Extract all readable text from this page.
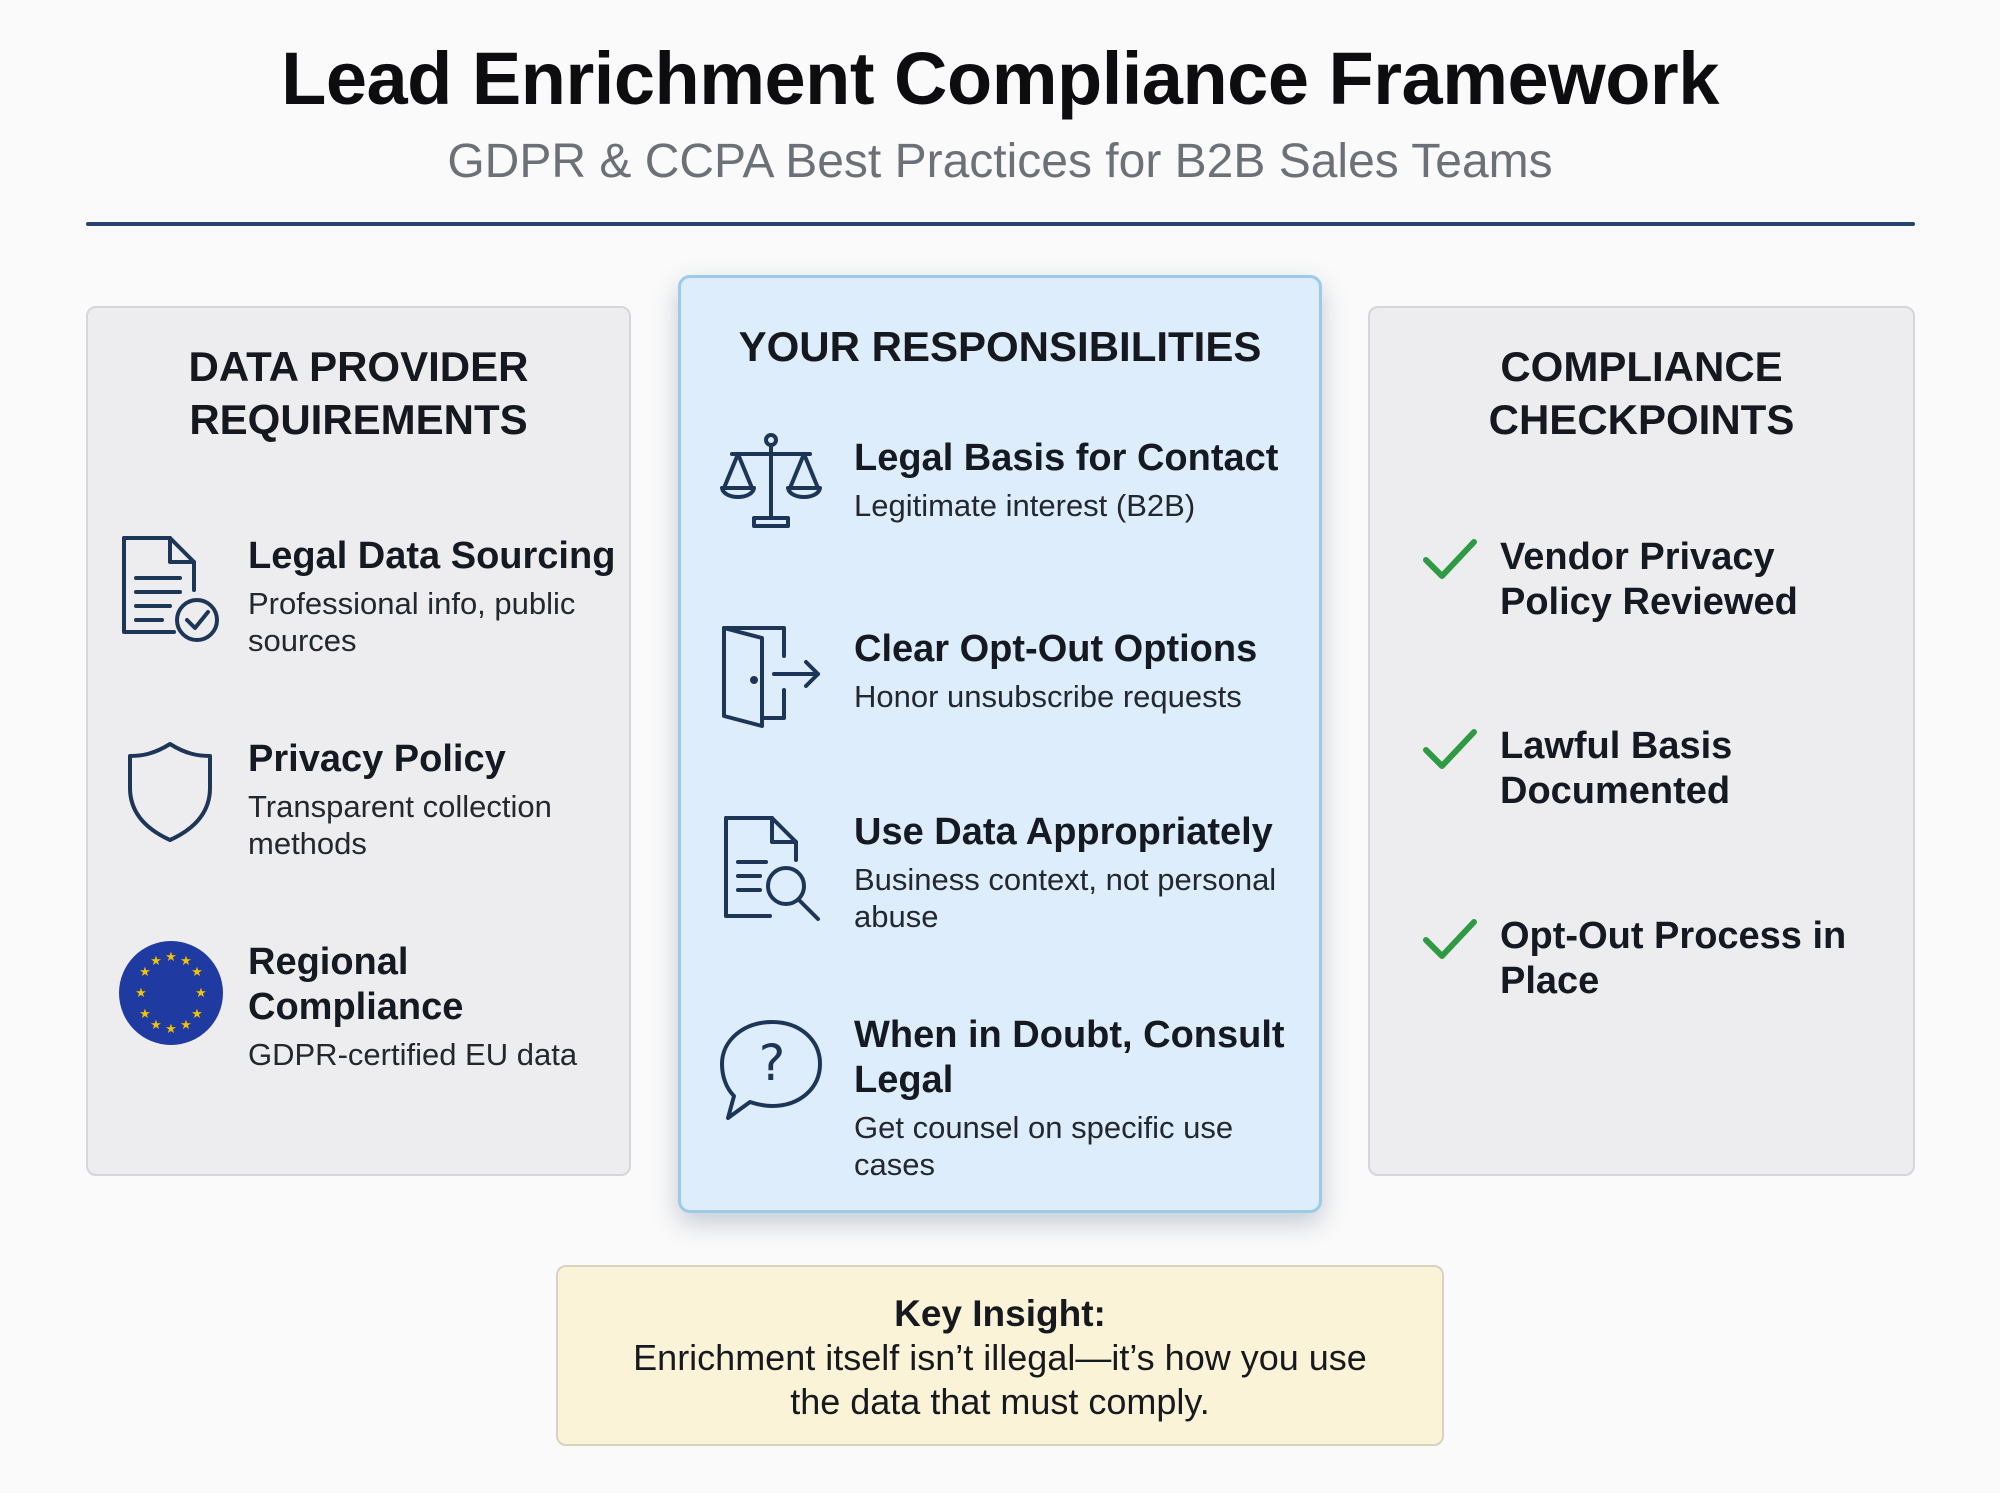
Lead Enrichment Compliance Framework
GDPR & CCPA Best Practices for B2B Sales Teams
DATA PROVIDER REQUIREMENTS
Legal Data Sourcing
Professional info, public sources
Privacy Policy
Transparent collection methods
★ ★
★
★
★
★
★
★
★
★
★
★ Regional Compliance
GDPR-certified EU data
YOUR RESPONSIBILITIES
Legal Basis for Contact
Legitimate interest (B2B)
Clear Opt-Out Options
Honor unsubscribe requests
Use Data Appropriately
Business context, not personal abuse
? When in Doubt, Consult Legal
Get counsel on specific use cases
COMPLIANCE CHECKPOINTS
Vendor Privacy Policy Reviewed
Lawful Basis Documented
Opt-Out Process in Place
Key Insight:
Enrichment itself isn’t illegal—it’s how you use the data that must comply.
